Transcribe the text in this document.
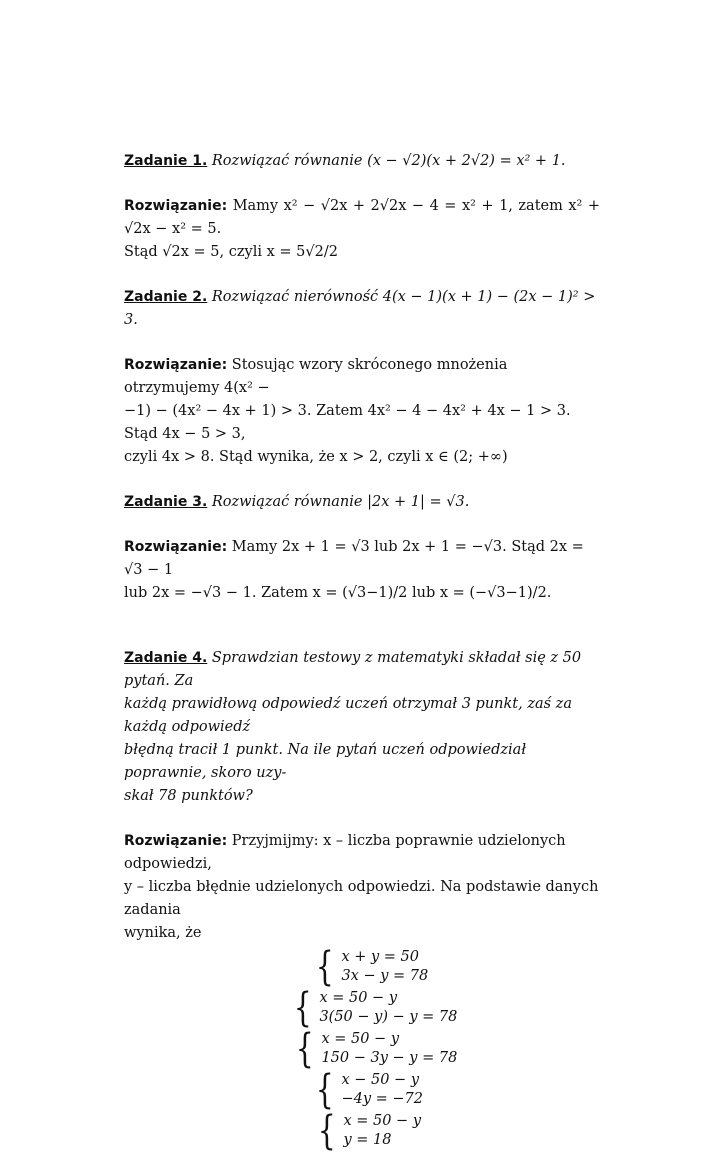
Zadanie 1. Rozwiązać równanie (x − √2)(x + 2√2) = x² + 1.

Rozwiązanie: Mamy x² − √2x + 2√2x − 4 = x² + 1, zatem x² + √2x − x² = 5.
Stąd √2x = 5, czyli x = 5√2/2

Zadanie 2. Rozwiązać nierówność 4(x − 1)(x + 1) − (2x − 1)² > 3.

Rozwiązanie: Stosując wzory skróconego mnożenia otrzymujemy 4(x² −
−1) − (4x² − 4x + 1) > 3. Zatem 4x² − 4 − 4x² + 4x − 1 > 3. Stąd 4x − 5 > 3,
czyli 4x > 8. Stąd wynika, że x > 2, czyli x ∈ (2; +∞)

Zadanie 3. Rozwiązać równanie |2x + 1| = √3.

Rozwiązanie: Mamy 2x + 1 = √3 lub 2x + 1 = −√3. Stąd 2x = √3 − 1
lub 2x = −√3 − 1. Zatem x = (√3−1)/2 lub x = (−√3−1)/2.

Zadanie 4. Sprawdzian testowy z matematyki składał się z 50 pytań. Za
każdą prawidłową odpowiedź uczeń otrzymał 3 punkt, zaś za każdą odpowiedź
błędną tracił 1 punkt. Na ile pytań uczeń odpowiedział poprawnie, skoro uzy-
skał 78 punktów?

Rozwiązanie: Przyjmijmy: x – liczba poprawnie udzielonych odpowiedzi,
y – liczba błędnie udzielonych odpowiedzi. Na podstawie danych zadania
wynika, że

{ x + y = 50
3x − y = 78
{ x = 50 − y
3(50 − y) − y = 78
{ x = 50 − y
150 − 3y − y = 78
{ x − 50 − y
−4y = −72
{ x = 50 − y
y = 18
